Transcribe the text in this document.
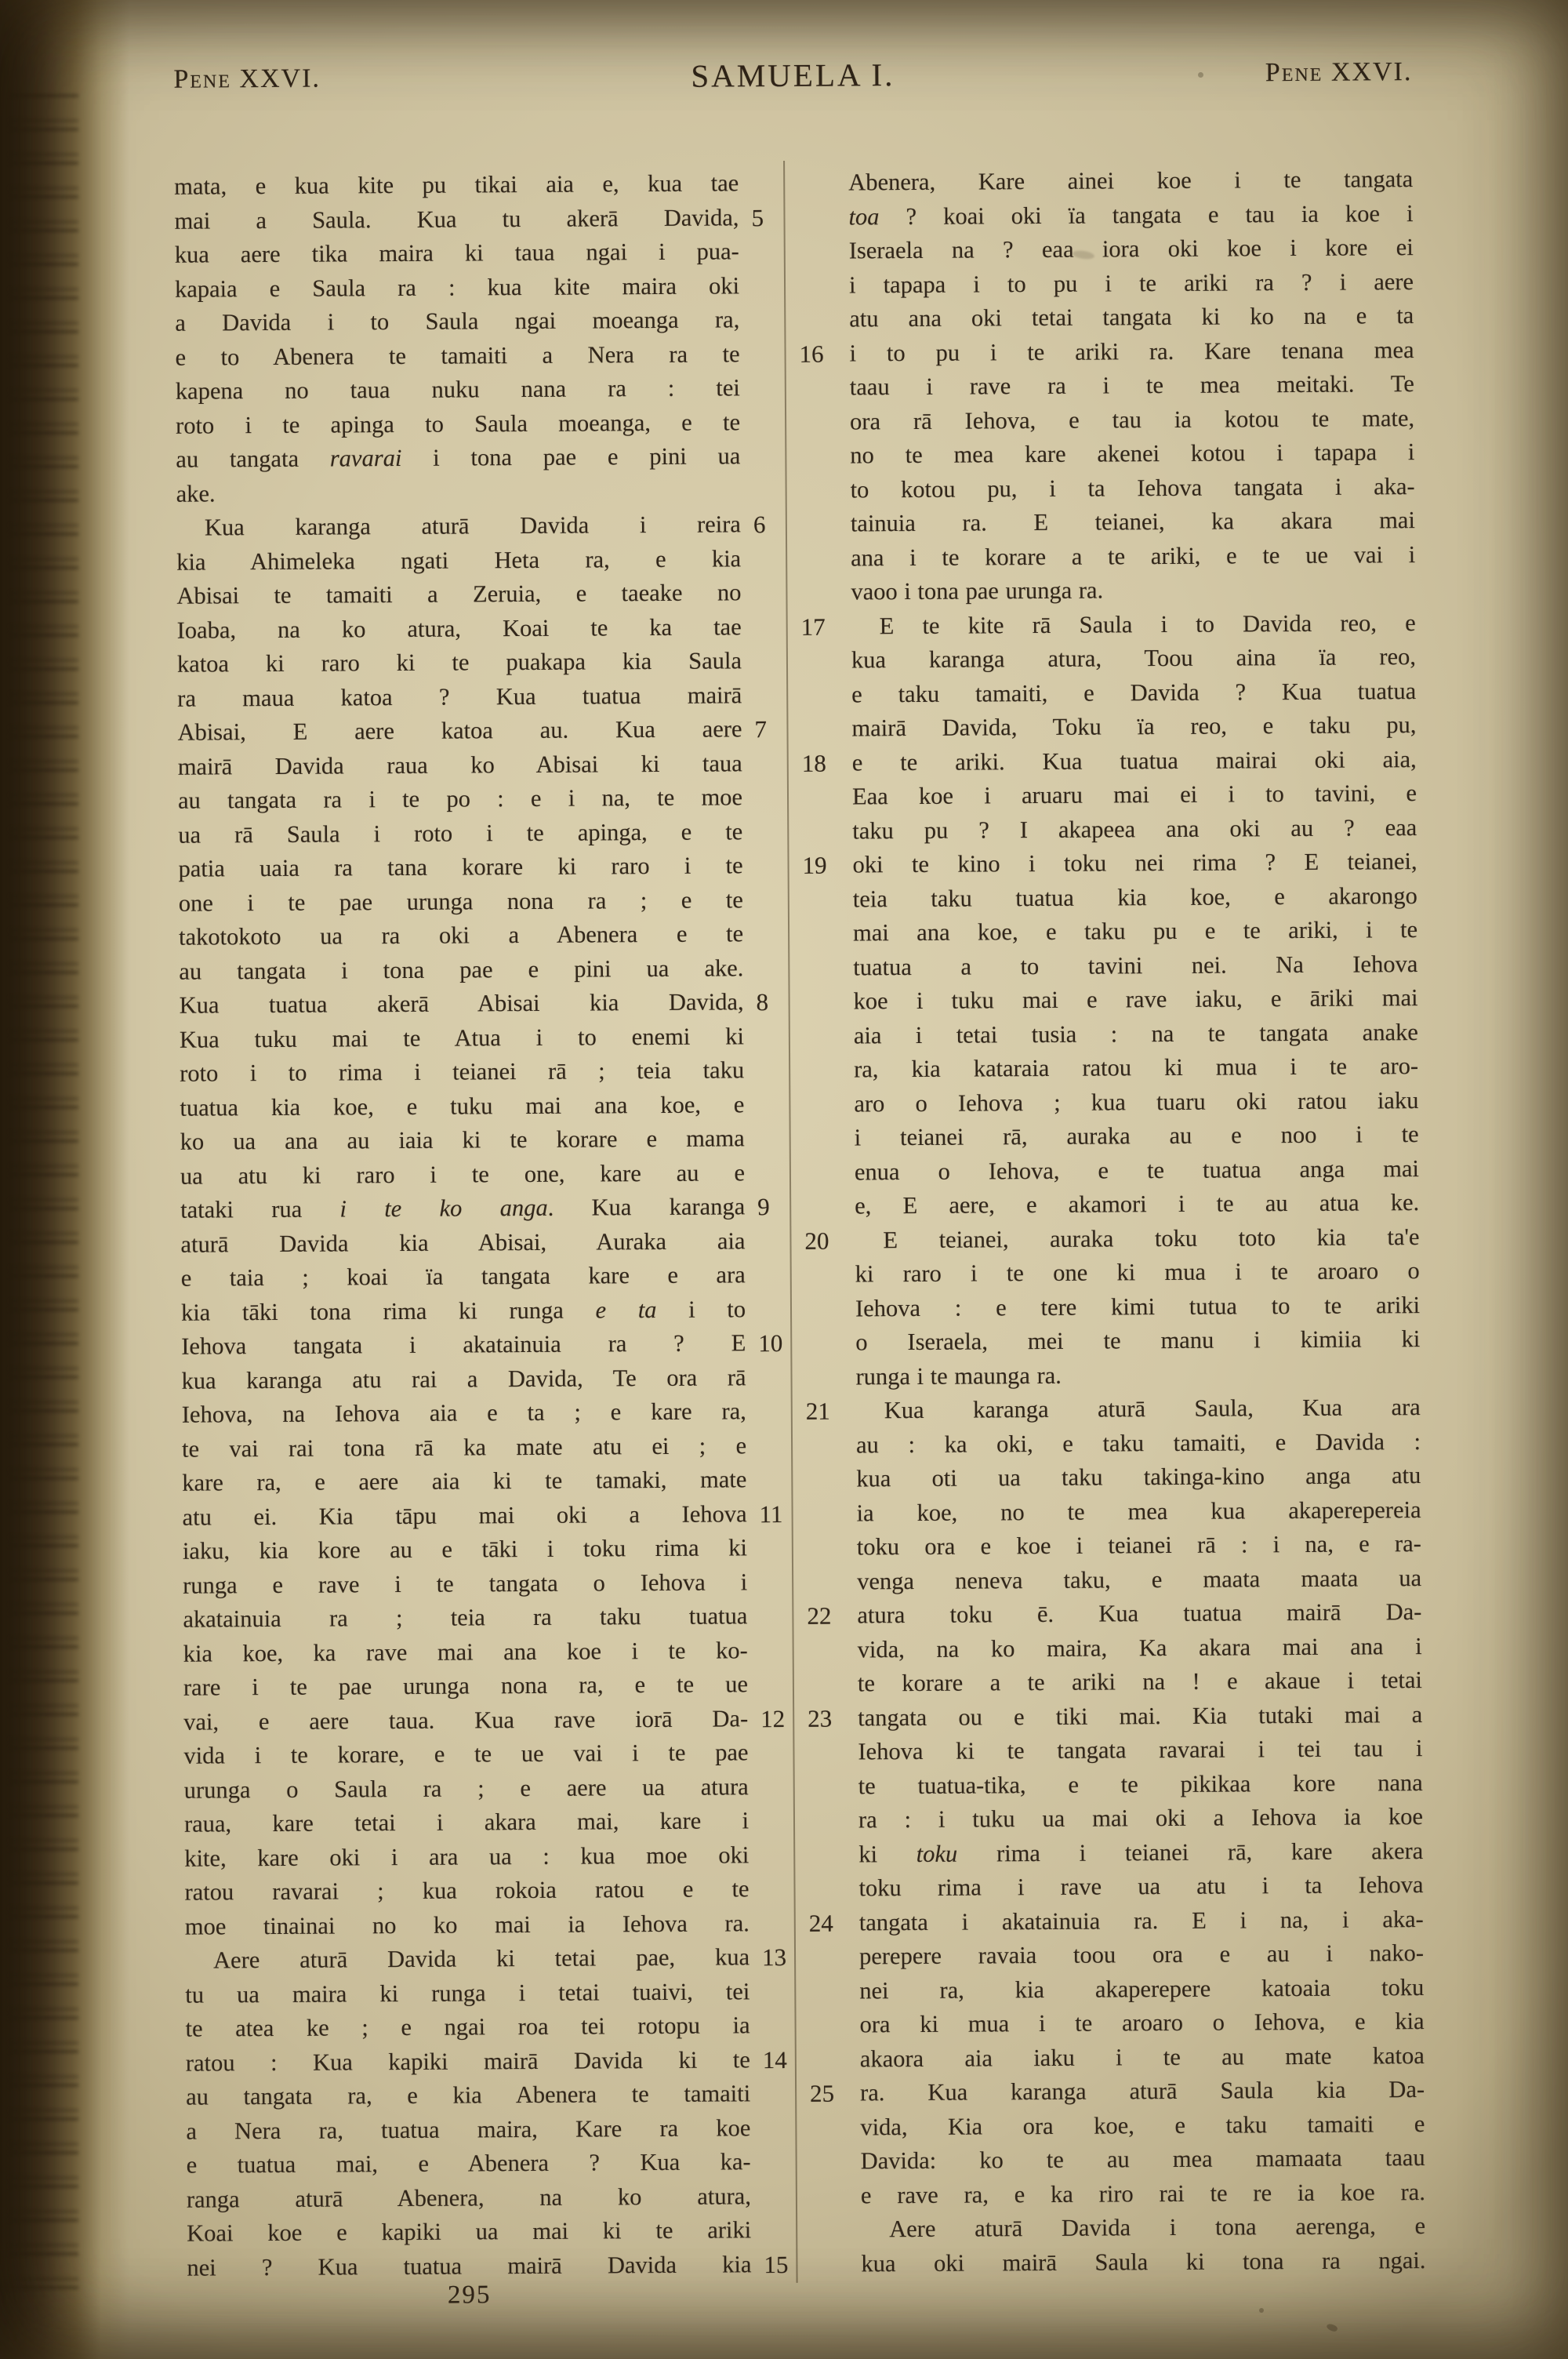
Pene XXVI.	SAMUELA I.	Pene XXVI.
mata, e kua kite pu tikai aia e, kua tae
5
mai a Saula. Kua tu akerā Davida,
kua aere tika maira ki taua ngai i pua-
kapaia e Saula ra : kua kite maira oki
a Davida i to Saula ngai moeanga ra,
e to Abenera te tamaiti a Nera ra te
kapena no taua nuku nana ra : tei
roto i te apinga to Saula moeanga, e te
au tangata ravarai i tona pae e pini ua
ake.
6
Kua karanga aturā Davida i reira
kia Ahimeleka ngati Heta ra, e kia
Abisai te tamaiti a Zeruia, e taeake no
Ioaba, na ko atura, Koai te ka tae
katoa ki raro ki te puakapa kia Saula
ra maua katoa ? Kua tuatua mairā
7
Abisai, E aere katoa au. Kua aere
mairā Davida raua ko Abisai ki taua
au tangata ra i te po : e i na, te moe
ua rā Saula i roto i te apinga, e te
patia uaia ra tana korare ki raro i te
one i te pae urunga nona ra ; e te
takotokoto ua ra oki a Abenera e te
au tangata i tona pae e pini ua ake.
8
Kua tuatua akerā Abisai kia Davida,
Kua tuku mai te Atua i to enemi ki
roto i to rima i teianei rā ; teia taku
tuatua kia koe, e tuku mai ana koe, e
ko ua ana au iaia ki te korare e mama
ua atu ki raro i te one, kare au e
9
tataki rua i te ko anga. Kua karanga
aturā Davida kia Abisai, Auraka aia
e taia ; koai ïa tangata kare e ara
kia tāki tona rima ki runga e ta i to
10
Iehova tangata i akatainuia ra ? E
kua karanga atu rai a Davida, Te ora rā
Iehova, na Iehova aia e ta ; e kare ra,
te vai rai tona rā ka mate atu ei ; e
kare ra, e aere aia ki te tamaki, mate
11
atu ei. Kia tāpu mai oki a Iehova
iaku, kia kore au e tāki i toku rima ki
runga e rave i te tangata o Iehova i
akatainuia ra ; teia ra taku tuatua
kia koe, ka rave mai ana koe i te ko-
rare i te pae urunga nona ra, e te ue
12
vai, e aere taua. Kua rave iorā Da-
vida i te korare, e te ue vai i te pae
urunga o Saula ra ; e aere ua atura
raua, kare tetai i akara mai, kare i
kite, kare oki i ara ua : kua moe oki
ratou ravarai ; kua rokoia ratou e te
moe tinainai no ko mai ia Iehova ra.
13
Aere aturā Davida ki tetai pae, kua
tu ua maira ki runga i tetai tuaivi, tei
te atea ke ; e ngai roa tei rotopu ia
14
ratou : Kua kapiki mairā Davida ki te
au tangata ra, e kia Abenera te tamaiti
a Nera ra, tuatua maira, Kare ra koe
e tuatua mai, e Abenera ? Kua ka-
ranga aturā Abenera, na ko atura,
Koai koe e kapiki ua mai ki te ariki
15
nei ? Kua tuatua mairā Davida kia
Abenera, Kare ainei koe i te tangata
toa ? koai oki ïa tangata e tau ia koe i
Iseraela na ? eaa iora oki koe i kore ei
i tapapa i to pu i te ariki ra ? i aere
atu ana oki tetai tangata ki ko na e ta
16	i to pu i te ariki ra. Kare tenana mea
taau i rave ra i te mea meitaki. Te
ora rā Iehova, e tau ia kotou te mate,
no te mea kare akenei kotou i tapapa i
to kotou pu, i ta Iehova tangata i aka-
tainuia ra. E teianei, ka akara mai
ana i te korare a te ariki, e te ue vai i
vaoo i tona pae urunga ra.
17	E te kite rā Saula i to Davida reo, e
kua karanga atura, Toou aina ïa reo,
e taku tamaiti, e Davida ? Kua tuatua
mairā Davida, Toku ïa reo, e taku pu,
18	e te ariki. Kua tuatua mairai oki aia,
Eaa koe i aruaru mai ei i to tavini, e
taku pu ? I akapeea ana oki au ? eaa
19	oki te kino i toku nei rima ? E teianei,
teia taku tuatua kia koe, e akarongo
mai ana koe, e taku pu e te ariki, i te
tuatua a to tavini nei. Na Iehova
koe i tuku mai e rave iaku, e āriki mai
aia i tetai tusia : na te tangata anake
ra, kia kataraia ratou ki mua i te aro-
aro o Iehova ; kua tuaru oki ratou iaku
i teianei rā, auraka au e noo i te
enua o Iehova, e te tuatua anga mai
e, E aere, e akamori i te au atua ke.
20	E teianei, auraka toku toto kia ta'e
ki raro i te one ki mua i te aroaro o
Iehova : e tere kimi tutua to te ariki
o Iseraela, mei te manu i kimiia ki
runga i te maunga ra.
21	Kua karanga aturā Saula, Kua ara
au : ka oki, e taku tamaiti, e Davida :
kua oti ua taku takinga-kino anga atu
ia koe, no te mea kua akaperepereia
toku ora e koe i teianei rā : i na, e ra-
venga neneva taku, e maata maata ua
22	atura toku ē. Kua tuatua mairā Da-
vida, na ko maira, Ka akara mai ana i
te korare a te ariki na ! e akaue i tetai
23	tangata ou e tiki mai. Kia tutaki mai a
Iehova ki te tangata ravarai i tei tau i
te tuatua-tika, e te pikikaa kore nana
ra : i tuku ua mai oki a Iehova ia koe
ki toku rima i teianei rā, kare akera
toku rima i rave ua atu i ta Iehova
24	tangata i akatainuia ra. E i na, i aka-
perepere ravaia toou ora e au i nako-
nei ra, kia akaperepere katoaia toku
ora ki mua i te aroaro o Iehova, e kia
akaora aia iaku i te au mate katoa
25	ra. Kua karanga aturā Saula kia Da-
vida, Kia ora koe, e taku tamaiti e
Davida: ko te au mea mamaata taau
e rave ra, e ka riro rai te re ia koe ra.
Aere aturā Davida i tona aerenga, e
kua oki mairā Saula ki tona ra ngai.
295
